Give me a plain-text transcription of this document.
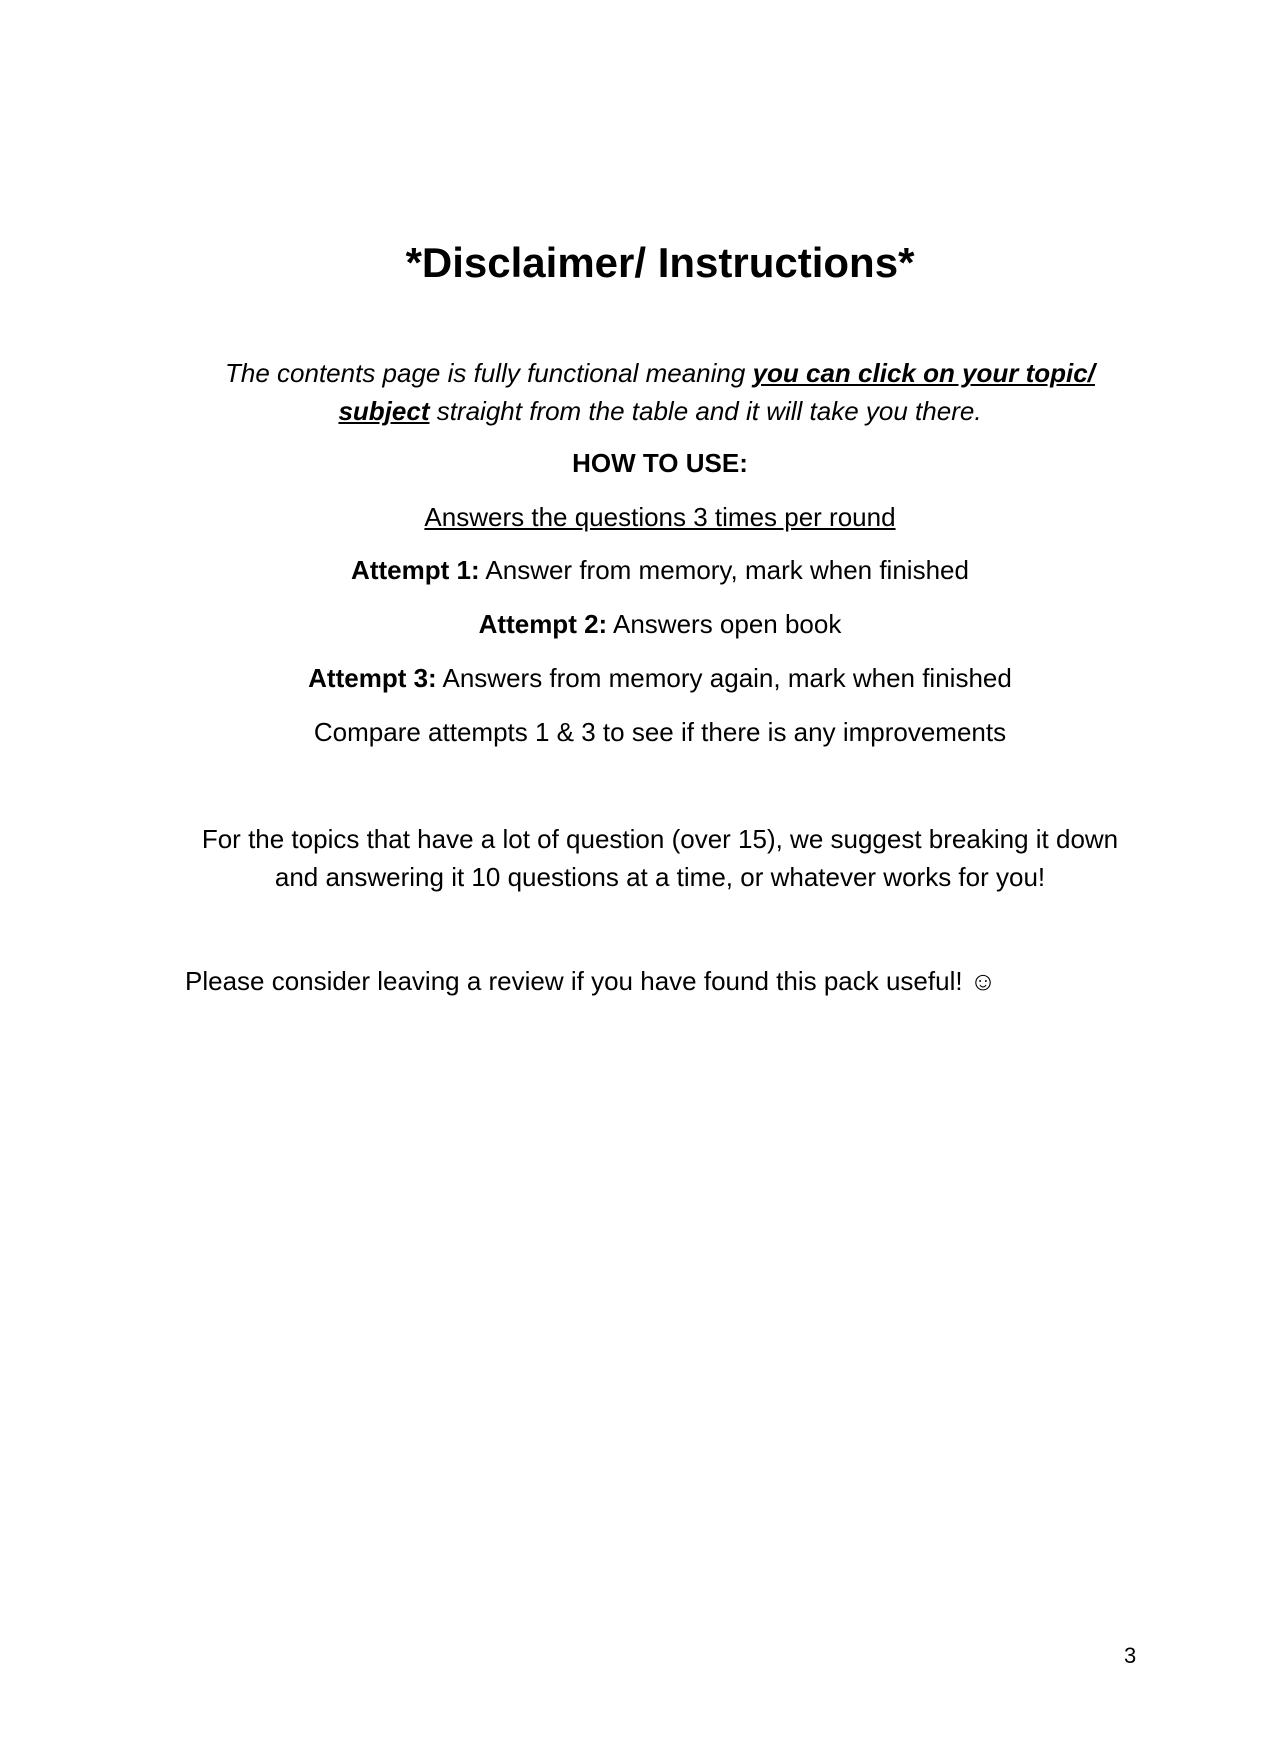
*Disclaimer/ Instructions*

The contents page is fully functional meaning you can click on your topic/ subject straight from the table and it will take you there.

HOW TO USE:

Answers the questions 3 times per round

Attempt 1: Answer from memory, mark when finished

Attempt 2: Answers open book

Attempt 3: Answers from memory again, mark when finished

Compare attempts 1 & 3 to see if there is any improvements

For the topics that have a lot of question (over 15), we suggest breaking it down and answering it 10 questions at a time, or whatever works for you!

Please consider leaving a review if you have found this pack useful! ☺

3
